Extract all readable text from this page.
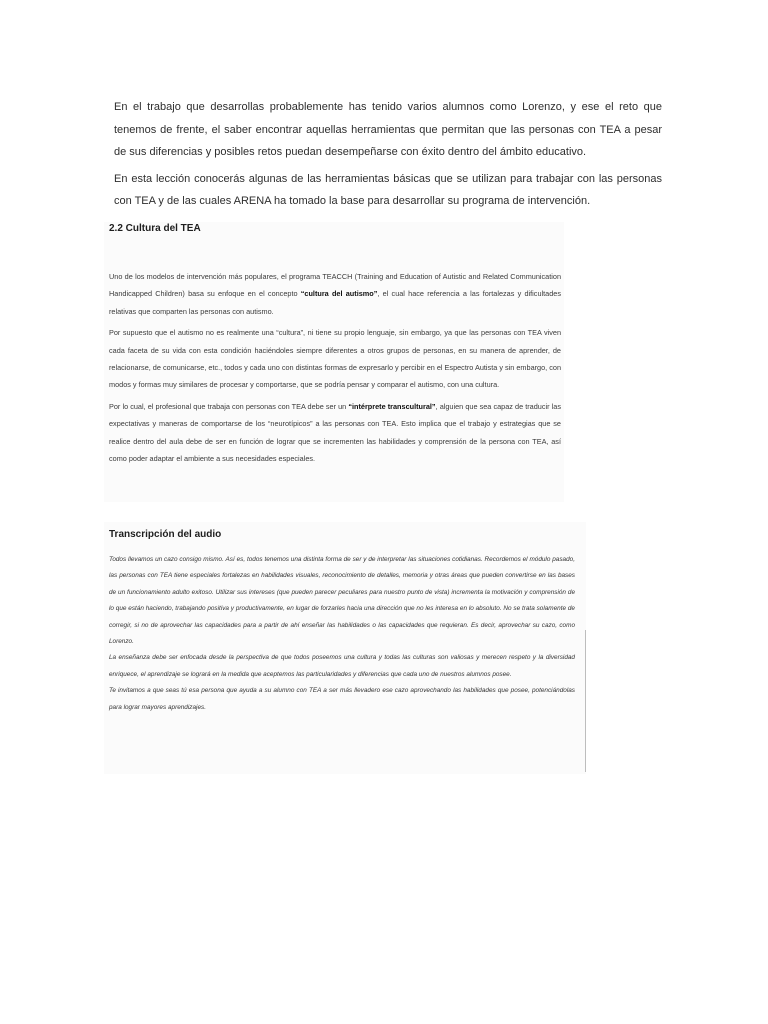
En el trabajo que desarrollas probablemente has tenido varios alumnos como Lorenzo, y ese el reto que tenemos de frente, el saber encontrar aquellas herramientas que permitan que las personas con TEA a pesar de sus diferencias y posibles retos puedan desempeñarse con éxito dentro del ámbito educativo.

En esta lección conocerás algunas de las herramientas básicas que se utilizan para trabajar con las personas con TEA y de las cuales ARENA ha tomado la base para desarrollar su programa de intervención.

2.2 Cultura del TEA

Uno de los modelos de intervención más populares, el programa TEACCH (Training and Education of Autistic and Related Communication Handicapped Children) basa su enfoque en el concepto “cultura del autismo”, el cual hace referencia a las fortalezas y dificultades relativas que comparten las personas con autismo.

Por supuesto que el autismo no es realmente una “cultura”, ni tiene su propio lenguaje, sin embargo, ya que las personas con TEA viven cada faceta de su vida con esta condición haciéndoles siempre diferentes a otros grupos de personas, en su manera de aprender, de relacionarse, de comunicarse, etc., todos y cada uno con distintas formas de expresarlo y percibir en el Espectro Autista y sin embargo, con modos y formas muy similares de procesar y comportarse, que se podría pensar y comparar el autismo, con una cultura.

Por lo cual, el profesional que trabaja con personas con TEA debe ser un “intérprete transcultural”, alguien que sea capaz de traducir las expectativas y maneras de comportarse de los “neurotípicos” a las personas con TEA. Esto implica que el trabajo y estrategias que se realice dentro del aula debe de ser en función de lograr que se incrementen las habilidades y comprensión de la persona con TEA, así como poder adaptar el ambiente a sus necesidades especiales.

Transcripción del audio

Todos llevamos un cazo consigo mismo. Así es, todos tenemos una distinta forma de ser y de interpretar las situaciones cotidianas. Recordemos el módulo pasado, las personas con TEA tiene especiales fortalezas en habilidades visuales, reconocimiento de detalles, memoria y otras áreas que pueden convertirse en las bases de un funcionamiento adulto exitoso. Utilizar sus intereses (que pueden parecer peculiares para nuestro punto de vista) incrementa la motivación y comprensión de lo que están haciendo, trabajando positiva y productivamente, en lugar de forzarles hacia una dirección que no les interesa en lo absoluto. No se trata solamente de corregir, si no de aprovechar las capacidades para a partir de ahí enseñar las habilidades o las capacidades que requieran. Es decir, aprovechar su cazo, como Lorenzo.

La enseñanza debe ser enfocada desde la perspectiva de que todos poseemos una cultura y todas las culturas son valiosas y merecen respeto y la diversidad enriquece, el aprendizaje se logrará en la medida que aceptemos las particularidades y diferencias que cada uno de nuestros alumnos posee.

Te invitamos a que seas tú esa persona que ayuda a su alumno con TEA a ser más llevadero ese cazo aprovechando las habilidades que posee, potenciándolas para lograr mayores aprendizajes.
